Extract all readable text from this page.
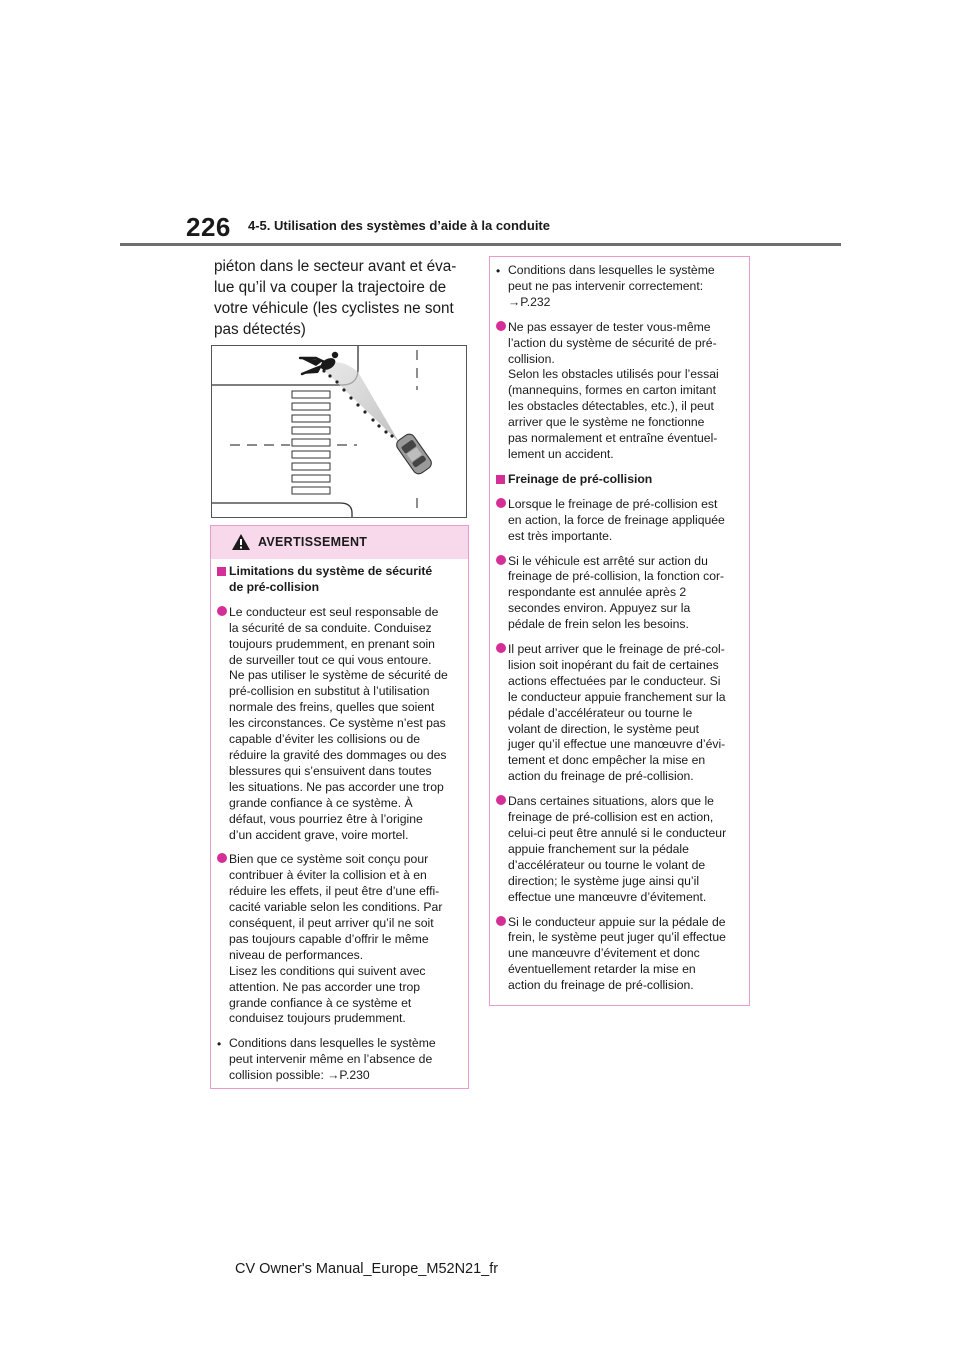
226 4-5. Utilisation des systèmes d’aide à la conduite
piéton dans le secteur avant et éva-
lue qu’il va couper la trajectoire de
votre véhicule (les cyclistes ne sont
pas détectés)
AVERTISSEMENT
Limitations du système de sécurité
de pré-collision
Le conducteur est seul responsable de
la sécurité de sa conduite. Conduisez
toujours prudemment, en prenant soin
de surveiller tout ce qui vous entoure.
Ne pas utiliser le système de sécurité de
pré-collision en substitut à l’utilisation
normale des freins, quelles que soient
les circonstances. Ce système n’est pas
capable d’éviter les collisions ou de
réduire la gravité des dommages ou des
blessures qui s’ensuivent dans toutes
les situations. Ne pas accorder une trop
grande confiance à ce système. À
défaut, vous pourriez être à l’origine
d’un accident grave, voire mortel.
Bien que ce système soit conçu pour
contribuer à éviter la collision et à en
réduire les effets, il peut être d’une effi-
cacité variable selon les conditions. Par
conséquent, il peut arriver qu’il ne soit
pas toujours capable d’offrir le même
niveau de performances.
Lisez les conditions qui suivent avec
attention. Ne pas accorder une trop
grande confiance à ce système et
conduisez toujours prudemment.
• Conditions dans lesquelles le système
peut intervenir même en l’absence de
collision possible: →P.230
• Conditions dans lesquelles le système
peut ne pas intervenir correctement:
→P.232
Ne pas essayer de tester vous-même
l’action du système de sécurité de pré-
collision.
Selon les obstacles utilisés pour l’essai
(mannequins, formes en carton imitant
les obstacles détectables, etc.), il peut
arriver que le système ne fonctionne
pas normalement et entraîne éventuel-
lement un accident.
Freinage de pré-collision
Lorsque le freinage de pré-collision est
en action, la force de freinage appliquée
est très importante.
Si le véhicule est arrêté sur action du
freinage de pré-collision, la fonction cor-
respondante est annulée après 2
secondes environ. Appuyez sur la
pédale de frein selon les besoins.
Il peut arriver que le freinage de pré-col-
lision soit inopérant du fait de certaines
actions effectuées par le conducteur. Si
le conducteur appuie franchement sur la
pédale d’accélérateur ou tourne le
volant de direction, le système peut
juger qu’il effectue une manœuvre d’évi-
tement et donc empêcher la mise en
action du freinage de pré-collision.
Dans certaines situations, alors que le
freinage de pré-collision est en action,
celui-ci peut être annulé si le conducteur
appuie franchement sur la pédale
d’accélérateur ou tourne le volant de
direction; le système juge ainsi qu’il
effectue une manœuvre d’évitement.
Si le conducteur appuie sur la pédale de
frein, le système peut juger qu’il effectue
une manœuvre d’évitement et donc
éventuellement retarder la mise en
action du freinage de pré-collision.
CV Owner's Manual_Europe_M52N21_fr
